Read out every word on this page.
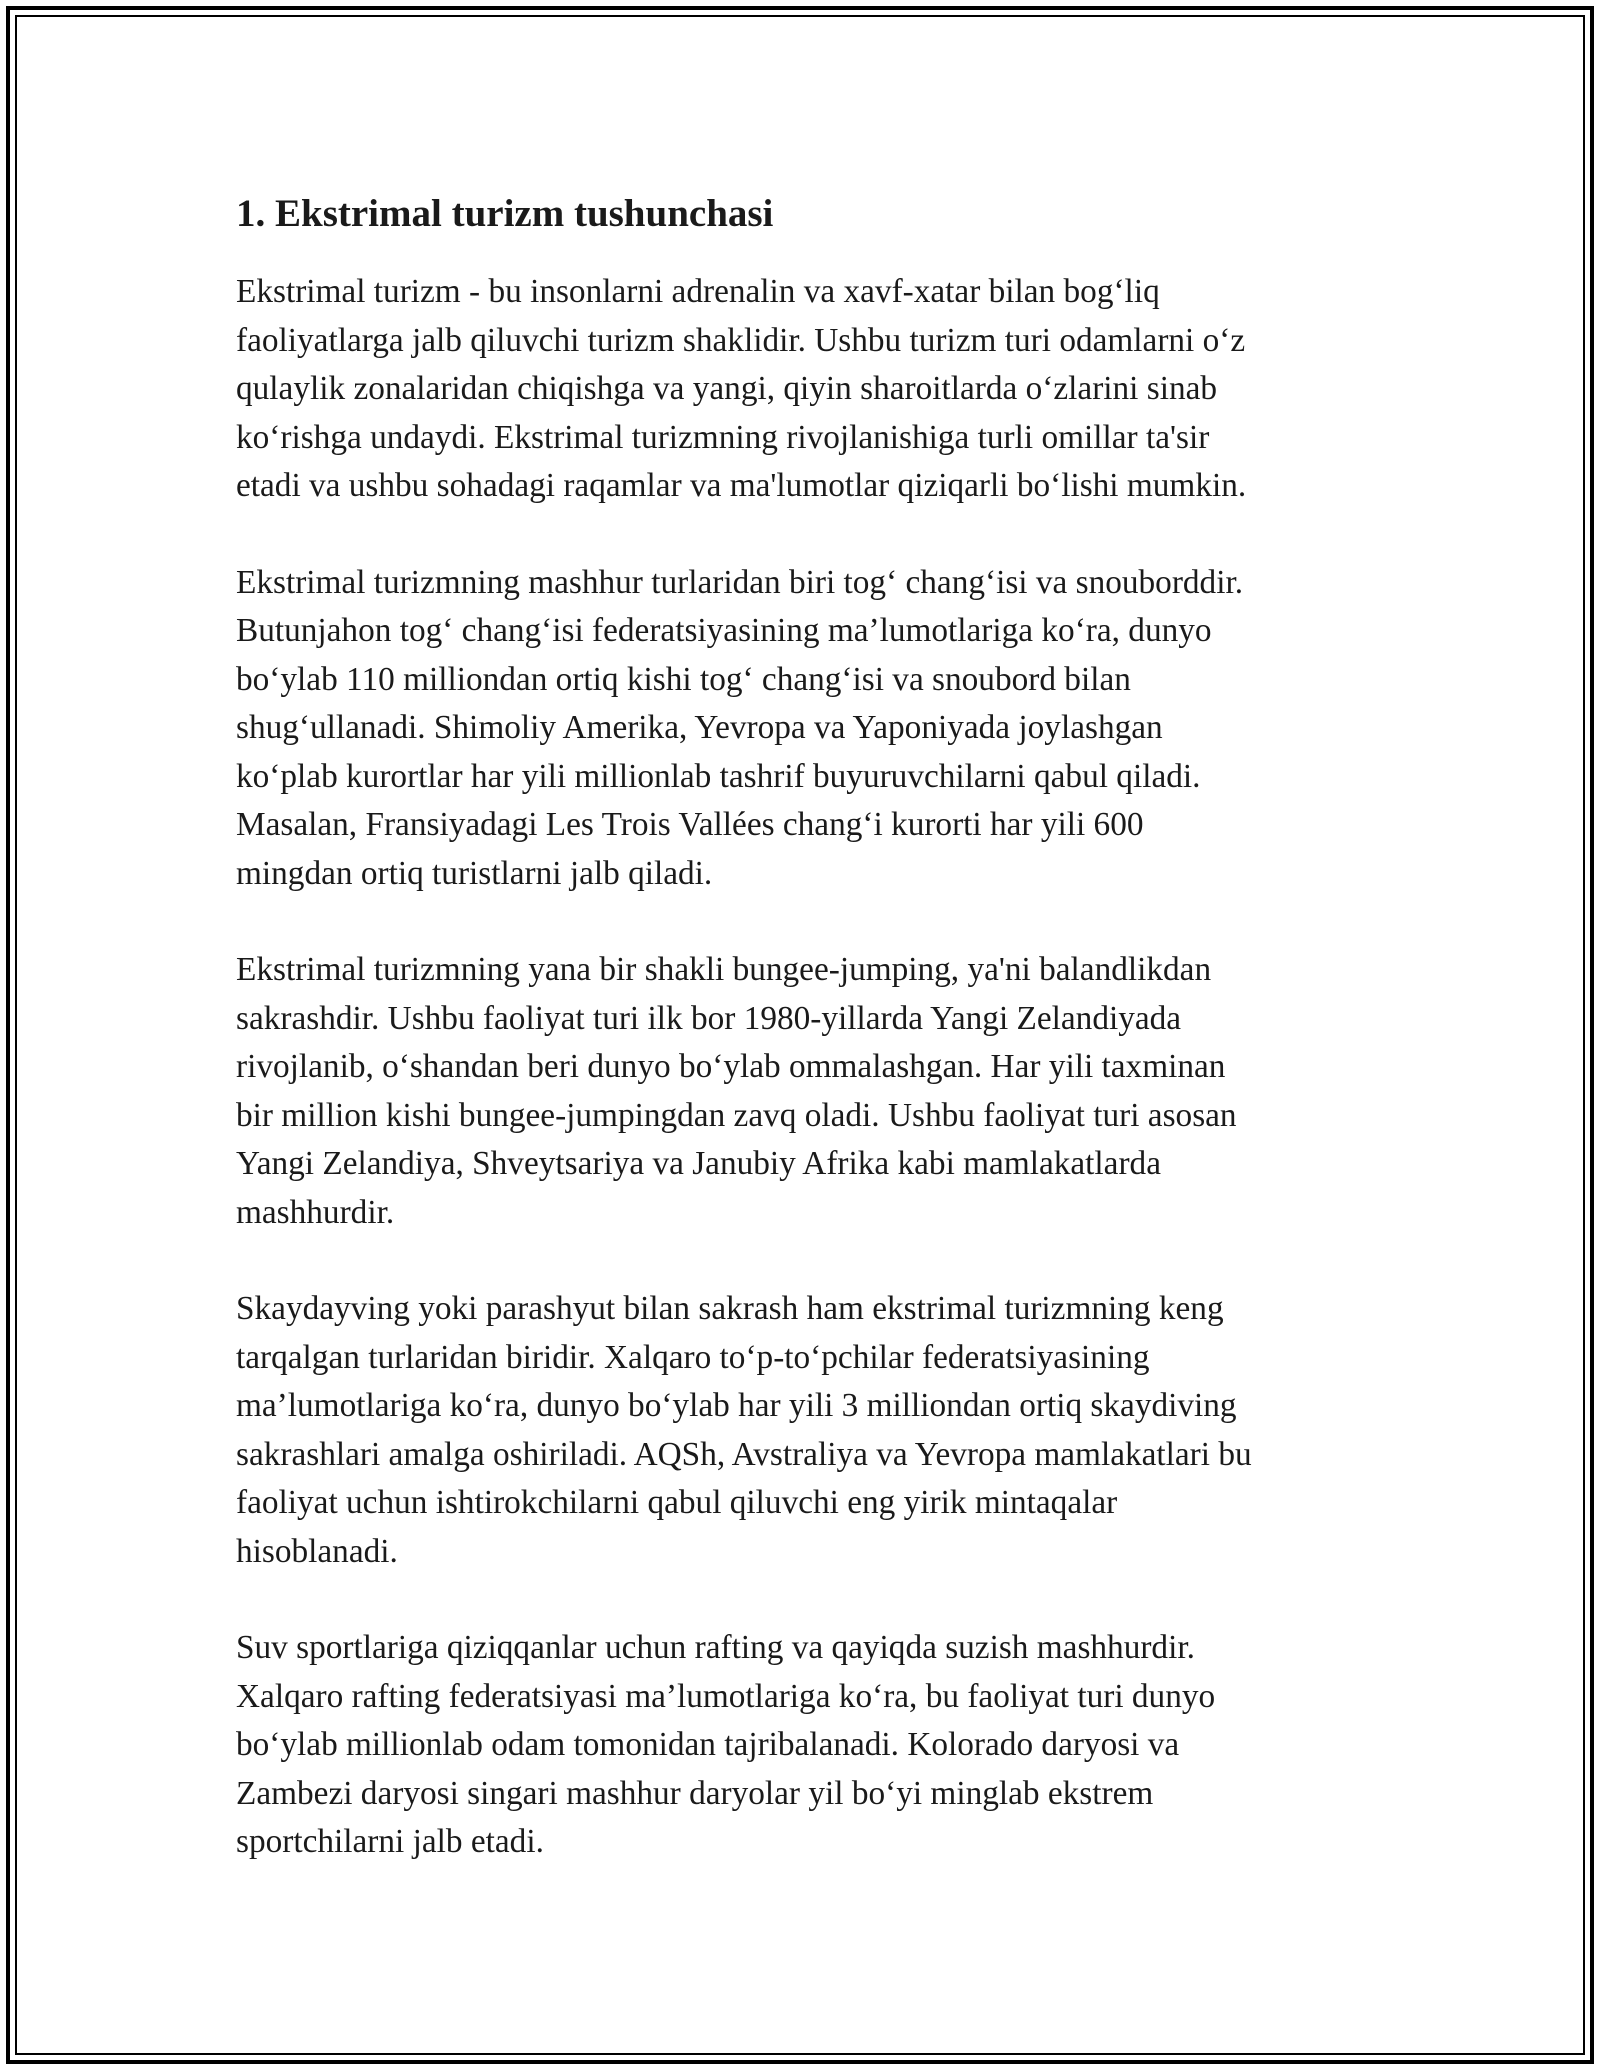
1. Ekstrimal turizm tushunchasi

Ekstrimal turizm - bu insonlarni adrenalin va xavf-xatar bilan bog‘liq
faoliyatlarga jalb qiluvchi turizm shaklidir. Ushbu turizm turi odamlarni o‘z
qulaylik zonalaridan chiqishga va yangi, qiyin sharoitlarda o‘zlarini sinab
ko‘rishga undaydi. Ekstrimal turizmning rivojlanishiga turli omillar ta'sir
etadi va ushbu sohadagi raqamlar va ma'lumotlar qiziqarli bo‘lishi mumkin.

Ekstrimal turizmning mashhur turlaridan biri tog‘ chang‘isi va snouborddir.
Butunjahon tog‘ chang‘isi federatsiyasining ma’lumotlariga ko‘ra, dunyo
bo‘ylab 110 milliondan ortiq kishi tog‘ chang‘isi va snoubord bilan
shug‘ullanadi. Shimoliy Amerika, Yevropa va Yaponiyada joylashgan
ko‘plab kurortlar har yili millionlab tashrif buyuruvchilarni qabul qiladi.
Masalan, Fransiyadagi Les Trois Vallées chang‘i kurorti har yili 600
mingdan ortiq turistlarni jalb qiladi.

Ekstrimal turizmning yana bir shakli bungee-jumping, ya'ni balandlikdan
sakrashdir. Ushbu faoliyat turi ilk bor 1980-yillarda Yangi Zelandiyada
rivojlanib, o‘shandan beri dunyo bo‘ylab ommalashgan. Har yili taxminan
bir million kishi bungee-jumpingdan zavq oladi. Ushbu faoliyat turi asosan
Yangi Zelandiya, Shveytsariya va Janubiy Afrika kabi mamlakatlarda
mashhurdir.

Skaydayving yoki parashyut bilan sakrash ham ekstrimal turizmning keng
tarqalgan turlaridan biridir. Xalqaro to‘p-to‘pchilar federatsiyasining
ma’lumotlariga ko‘ra, dunyo bo‘ylab har yili 3 milliondan ortiq skaydiving
sakrashlari amalga oshiriladi. AQSh, Avstraliya va Yevropa mamlakatlari bu
faoliyat uchun ishtirokchilarni qabul qiluvchi eng yirik mintaqalar
hisoblanadi.

Suv sportlariga qiziqqanlar uchun rafting va qayiqda suzish mashhurdir.
Xalqaro rafting federatsiyasi ma’lumotlariga ko‘ra, bu faoliyat turi dunyo
bo‘ylab millionlab odam tomonidan tajribalanadi. Kolorado daryosi va
Zambezi daryosi singari mashhur daryolar yil bo‘yi minglab ekstrem
sportchilarni jalb etadi.
